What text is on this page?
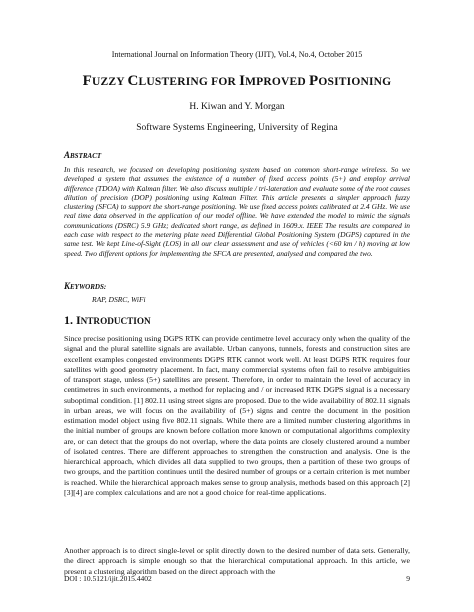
International Journal on Information Theory (IJIT), Vol.4, No.4, October 2015
FUZZY CLUSTERING FOR IMPROVED POSITIONING
H. Kiwan and Y. Morgan
Software Systems Engineering, University of Regina
ABSTRACT

In this research, we focused on developing positioning system based on common short-range wireless. So we developed a system that assumes the existence of a number of fixed access points (5+) and employ arrival difference (TDOA) with Kalman filter. We also discuss multiple / tri-lateration and evaluate some of the root causes dilution of precision (DOP) positioning using Kalman Filter. This article presents a simpler approach fuzzy clustering (SFCA) to support the short-range positioning. We use fixed access points calibrated at 2.4 GHz. We use real time data observed in the application of our model offline. We have extended the model to mimic the signals communications (DSRC) 5.9 GHz; dedicated short range, as defined in 1609.x. IEEE The results are compared in each case with respect to the metering plate need Differential Global Positioning System (DGPS) captured in the same test. We kept Line-of-Sight (LOS) in all our clear assessment and use of vehicles (<60 km / h) moving at low speed. Two different options for implementing the SFCA are presented, analysed and compared the two.

KEYWORDS:
RAP, DSRC, WiFi
1. INTRODUCTION

Since precise positioning using DGPS RTK can provide centimetre level accuracy only when the quality of the signal and the plural satellite signals are available. Urban canyons, tunnels, forests and construction sites are excellent examples congested environments DGPS RTK cannot work well. At least DGPS RTK requires four satellites with good geometry placement. In fact, many commercial systems often fail to resolve ambiguities of transport stage, unless (5+) satellites are present. Therefore, in order to maintain the level of accuracy in centimetres in such environments, a method for replacing and / or increased RTK DGPS signal is a necessary suboptimal condition. [1] 802.11 using street signs are proposed. Due to the wide availability of 802.11 signals in urban areas, we will focus on the availability of (5+) signs and centre the document in the position estimation model object using five 802.11 signals. While there are a limited number clustering algorithms in the initial number of groups are known before collation more known or computational algorithms complexity are, or can detect that the groups do not overlap, where the data points are closely clustered around a number of isolated centres. There are different approaches to strengthen the construction and analysis. One is the hierarchical approach, which divides all data supplied to two groups, then a partition of these two groups of two groups, and the partition continues until the desired number of groups or a certain criterion is met number is reached. While the hierarchical approach makes sense to group analysis, methods based on this approach [2][3][4] are complex calculations and are not a good choice for real-time applications.

Another approach is to direct single-level or split directly down to the desired number of data sets. Generally, the direct approach is simple enough so that the hierarchical computational approach. In this article, we present a clustering algorithm based on the direct approach with the

DOI : 10.5121/ijit.2015.4402	9
